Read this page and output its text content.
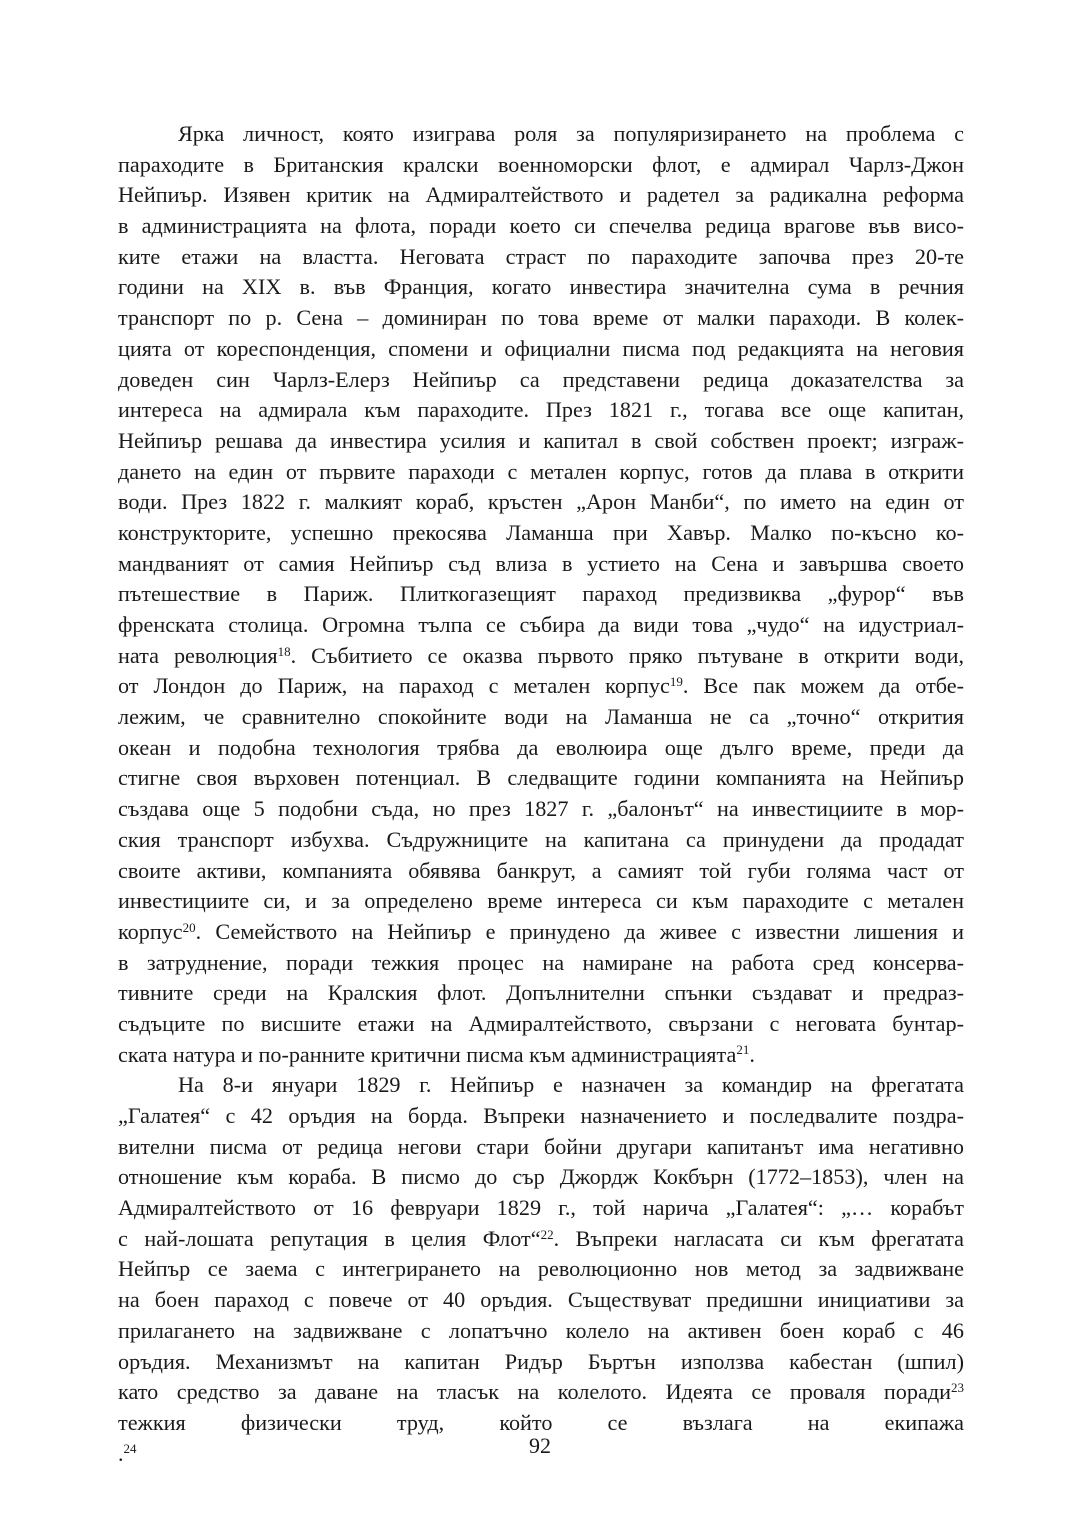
Ярка личност, която изиграва роля за популяризирането на проблема с
параходите в Британския кралски военноморски флот, е адмирал Чарлз-Джон
Нейпиър. Изявен критик на Адмиралтейството и радетел за радикална реформа
в администрацията на флота, поради което си спечелва редица врагове във висо-
ките етажи на властта. Неговата страст по параходите започва през 20-те
години на XIX в. във Франция, когато инвестира значителна сума в речния
транспорт по р. Сена – доминиран по това време от малки параходи. В колек-
цията от кореспонденция, спомени и официални писма под редакцията на неговия
доведен син Чарлз-Елерз Нейпиър са представени редица доказателства за
интереса на адмирала към параходите. През 1821 г., тогава все още капитан,
Нейпиър решава да инвестира усилия и капитал в свой собствен проект; изграж-
дането на един от първите параходи с метален корпус, готов да плава в открити
води. През 1822 г. малкият кораб, кръстен „Арон Манби“, по името на един от
конструкторите, успешно прекосява Ламанша при Хавър. Малко по-късно ко-
мандваният от самия Нейпиър съд влиза в устието на Сена и завършва своето
пътешествие в Париж. Плиткогазещият параход предизвиква „фурор“ във
френската столица. Огромна тълпа се събира да види това „чудо“ на идустриал-
ната революция$^{18}$. Събитието се оказва първото пряко пътуване в открити води,
от Лондон до Париж, на параход с метален корпус$^{19}$. Все пак можем да отбе-
лежим, че сравнително спокойните води на Ламанша не са „точно“ открития
океан и подобна технология трябва да еволюира още дълго време, преди да
стигне своя върховен потенциал. В следващите години компанията на Нейпиър
създава още 5 подобни съда, но през 1827 г. „балонът“ на инвестициите в мор-
ския транспорт избухва. Съдружниците на капитана са принудени да продадат
своите активи, компанията обявява банкрут, а самият той губи голяма част от
инвестициите си, и за определено време интереса си към параходите с метален
корпус$^{20}$. Семейството на Нейпиър е принудено да живее с известни лишения и
в затруднение, поради тежкия процес на намиране на работа сред консерва-
тивните среди на Кралския флот. Допълнителни спънки създават и предраз-
съдъците по висшите етажи на Адмиралтейството, свързани с неговата бунтар-
ската натура и по-ранните критични писма към администрацията$^{21}$.
На 8-и януари 1829 г. Нейпиър е назначен за командир на фрегатата
„Галатея“ с 42 оръдия на борда. Въпреки назначението и последвалите поздра-
вителни писма от редица негови стари бойни другари капитанът има негативно
отношение към кораба. В писмо до сър Джордж Кокбърн (1772–1853), член на
Адмиралтейството от 16 февруари 1829 г., той нарича „Галатея“: „… корабът
с най-лошата репутация в целия Флот“$^{22}$. Въпреки нагласата си към фрегатата
Нейпър се заема с интегрирането на революционно нов метод за задвижване
на боен параход с повече от 40 оръдия. Съществуват предишни инициативи за
прилагането на задвижване с лопатъчно колело на активен боен кораб с 46
оръдия. Механизмът на капитан Ридър Бъртън използва кабестан (шпил)
като средство за даване на тласък на колелото. Идеята се проваля поради$^{23}$
тежкия физически труд, който се възлага на екипажа
.$^{24}$	92
